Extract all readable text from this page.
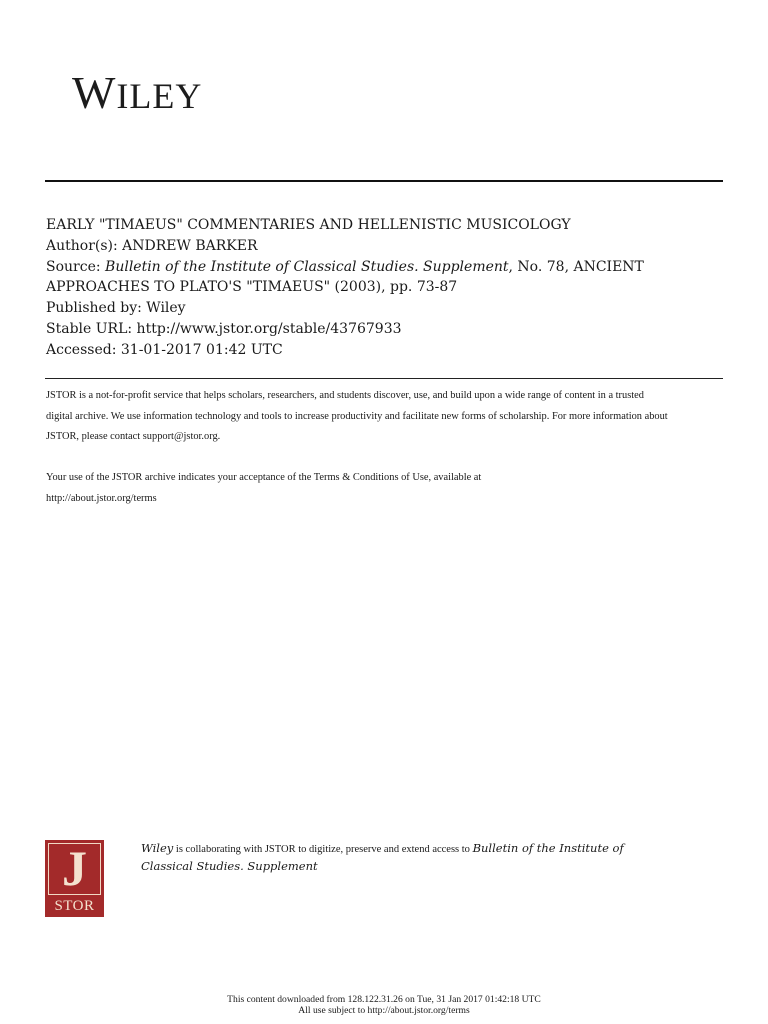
WILEY
EARLY "TIMAEUS" COMMENTARIES AND HELLENISTIC MUSICOLOGY
Author(s): ANDREW BARKER
Source: Bulletin of the Institute of Classical Studies. Supplement, No. 78, ANCIENT
APPROACHES TO PLATO'S "TIMAEUS" (2003), pp. 73-87
Published by: Wiley
Stable URL: http://www.jstor.org/stable/43767933
Accessed: 31-01-2017 01:42 UTC

JSTOR is a not-for-profit service that helps scholars, researchers, and students discover, use, and build upon a wide range of content in a trusted

digital archive. We use information technology and tools to increase productivity and facilitate new forms of scholarship. For more information about

JSTOR, please contact support@jstor.org.

Your use of the JSTOR archive indicates your acceptance of the Terms & Conditions of Use, available at

http://about.jstor.org/terms

J
STOR
Wiley is collaborating with JSTOR to digitize, preserve and extend access to Bulletin of the Institute of
Classical Studies. Supplement
This content downloaded from 128.122.31.26 on Tue, 31 Jan 2017 01:42:18 UTC
All use subject to http://about.jstor.org/terms
